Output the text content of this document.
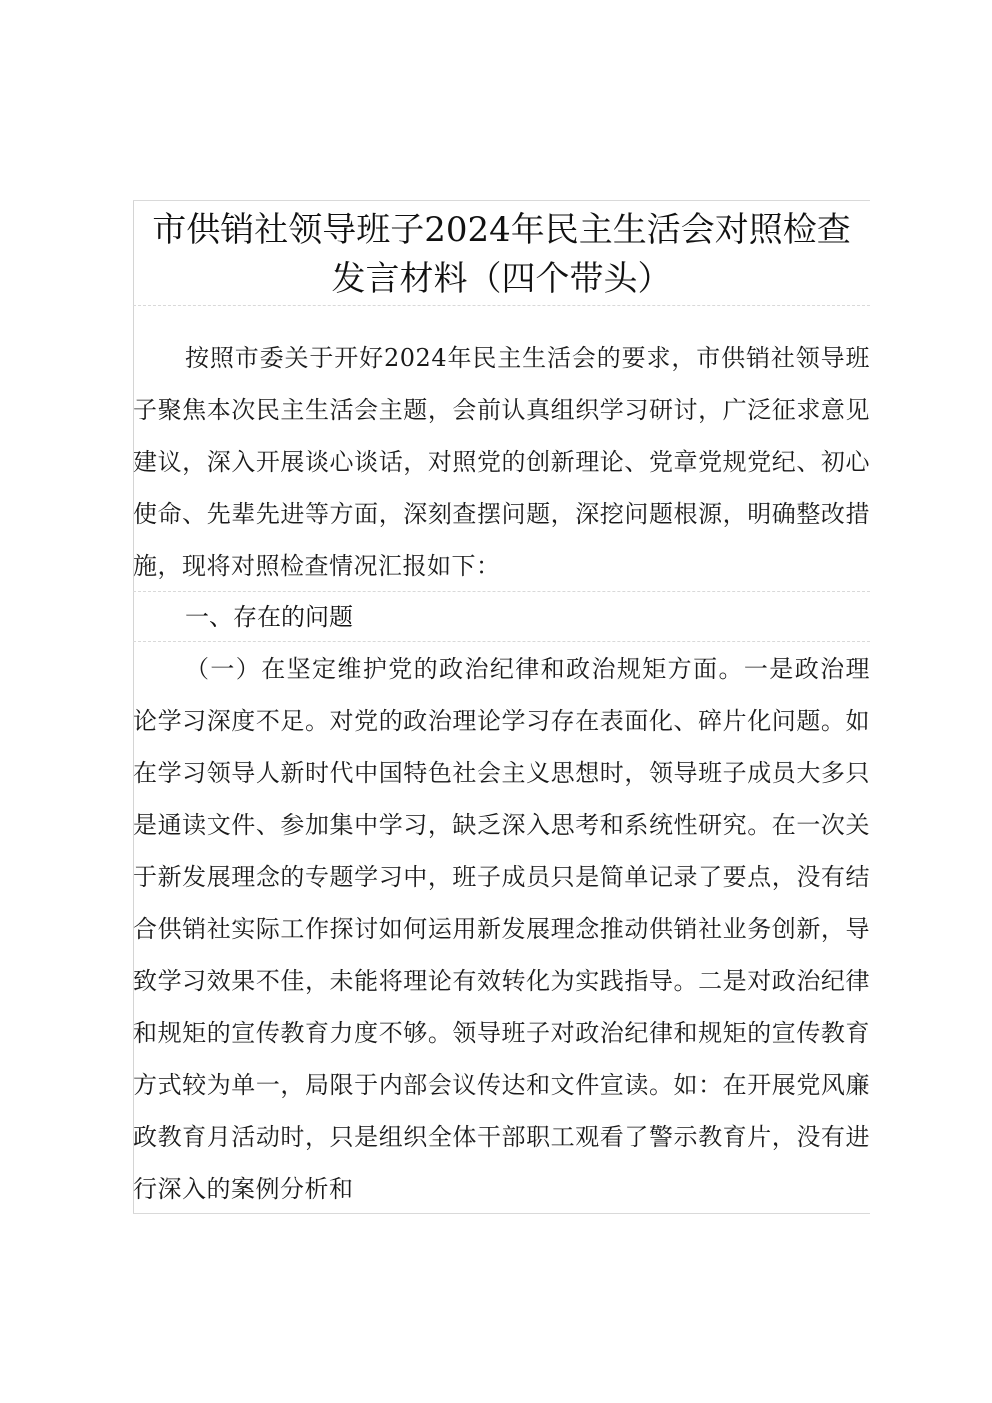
市供销社领导班子2024年民主生活会对照检查
发言材料（四个带头）

按照市委关于开好2024年民主生活会的要求，市供销社领导班子聚焦本次民主生活会主题，会前认真组织学习研讨，广泛征求意见建议，深入开展谈心谈话，对照党的创新理论、党章党规党纪、初心使命、先辈先进等方面，深刻查摆问题，深挖问题根源，明确整改措施，现将对照检查情况汇报如下：

一、存在的问题

（一）在坚定维护党的政治纪律和政治规矩方面。一是政治理论学习深度不足。对党的政治理论学习存在表面化、碎片化问题。如在学习领导人新时代中国特色社会主义思想时，领导班子成员大多只是通读文件、参加集中学习，缺乏深入思考和系统性研究。在一次关于新发展理念的专题学习中，班子成员只是简单记录了要点，没有结合供销社实际工作探讨如何运用新发展理念推动供销社业务创新，导致学习效果不佳，未能将理论有效转化为实践指导。二是对政治纪律和规矩的宣传教育力度不够。领导班子对政治纪律和规矩的宣传教育方式较为单一，局限于内部会议传达和文件宣读。如：在开展党风廉政教育月活动时，只是组织全体干部职工观看了警示教育片，没有进行深入的案例分析和
